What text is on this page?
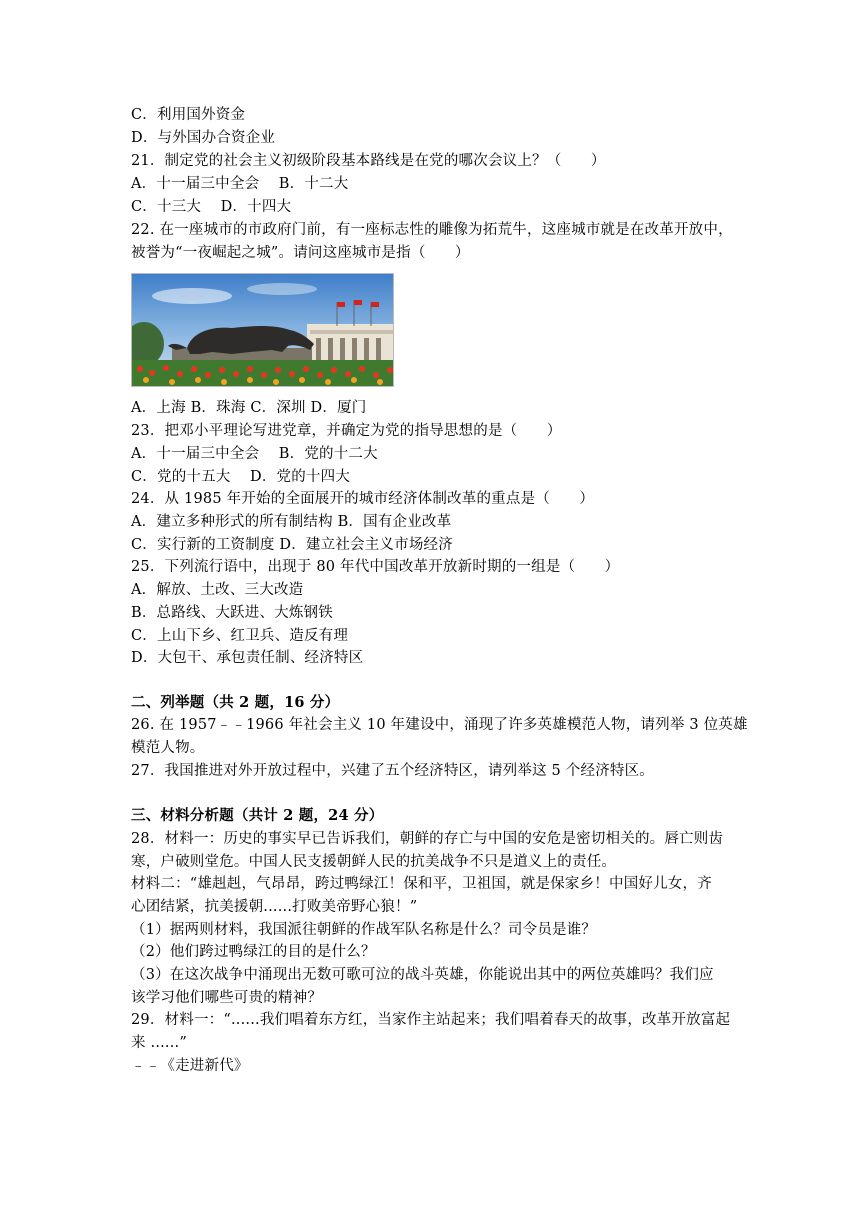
C．利用国外资金
D．与外国办合资企业
21．制定党的社会主义初级阶段基本路线是在党的哪次会议上？（　　）
A．十一届三中全会　 B．十二大
C．十三大　 D．十四大
22. 在一座城市的市政府门前，有一座标志性的雕像为拓荒牛，这座城市就是在改革开放中，
被誉为“一夜崛起之城”。请问这座城市是指（　　）
A．上海 B．珠海 C．深圳 D．厦门
23．把邓小平理论写进党章，并确定为党的指导思想的是（　　）
A．十一届三中全会　 B．党的十二大
C．党的十五大　 D．党的十四大
24．从 1985 年开始的全面展开的城市经济体制改革的重点是（　　）
A．建立多种形式的所有制结构 B．国有企业改革
C．实行新的工资制度 D．建立社会主义市场经济
25．下列流行语中，出现于 80 年代中国改革开放新时期的一组是（　　）
A．解放、土改、三大改造
B．总路线、大跃进、大炼钢铁
C．上山下乡、红卫兵、造反有理
D．大包干、承包责任制、经济特区
二、列举题（共 2 题，16 分）
26. 在 1957﹣﹣1966 年社会主义 10 年建设中，涌现了许多英雄模范人物，请列举 3 位英雄
模范人物。
27．我国推进对外开放过程中，兴建了五个经济特区，请列举这 5 个经济特区。
三、材料分析题（共计 2 题，24 分）
28．材料一：历史的事实早已告诉我们，朝鲜的存亡与中国的安危是密切相关的。唇亡则齿
寒，户破则堂危。中国人民支援朝鲜人民的抗美战争不只是道义上的责任。
材料二：“雄赳赳，气昂昂，跨过鸭绿江！保和平，卫祖国，就是保家乡！中国好儿女，齐
心团结紧，抗美援朝......打败美帝野心狼！”
（1）据两则材料，我国派往朝鲜的作战军队名称是什么？司令员是谁？
（2）他们跨过鸭绿江的目的是什么？
（3）在这次战争中涌现出无数可歌可泣的战斗英雄，你能说出其中的两位英雄吗？我们应
该学习他们哪些可贵的精神？
29．材料一：“......我们唱着东方红，当家作主站起来；我们唱着春天的故事，改革开放富起
来 ......”
﹣﹣《走进新代》
